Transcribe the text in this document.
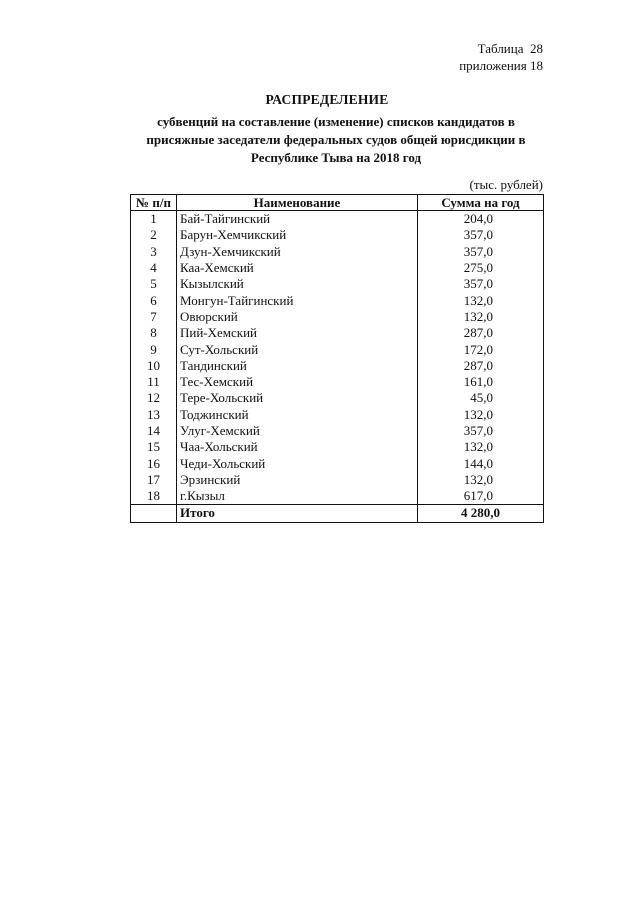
Таблица  28
приложения 18
РАСПРЕДЕЛЕНИЕ
субвенций на составление (изменение) списков кандидатов в присяжные заседатели федеральных судов общей юрисдикции в Республике Тыва на 2018 год
(тыс. рублей)
№ п/п	Наименование	Сумма на год
1	Бай-Тайгинский	204,0
2	Барун-Хемчикский	357,0
3	Дзун-Хемчикский	357,0
4	Каа-Хемский	275,0
5	Кызылский	357,0
6	Монгун-Тайгинский	132,0
7	Овюрский	132,0
8	Пий-Хемский	287,0
9	Сут-Хольский	172,0
10	Тандинский	287,0
11	Тес-Хемский	161,0
12	Тере-Хольский	45,0
13	Тоджинский	132,0
14	Улуг-Хемский	357,0
15	Чаа-Хольский	132,0
16	Чеди-Хольский	144,0
17	Эрзинский	132,0
18	г.Кызыл	617,0
	Итого	4 280,0
